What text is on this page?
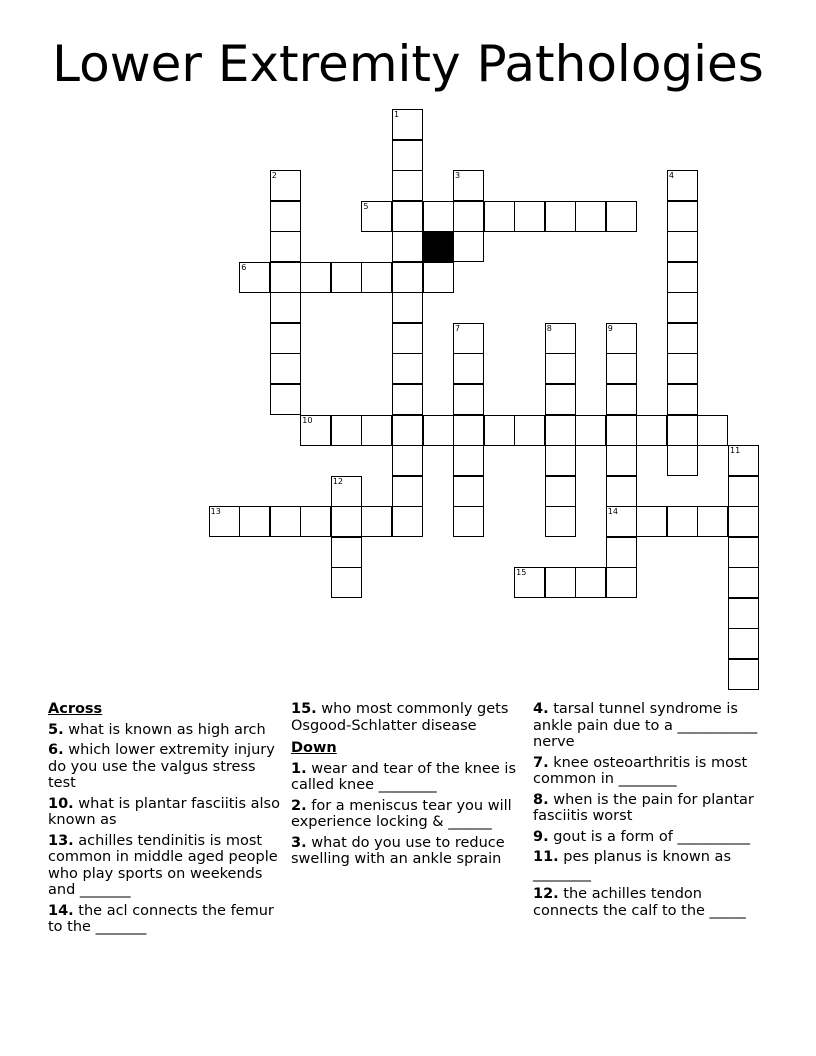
Lower Extremity Pathologies
1
2	3	4
5
6
7	8	9
14
10
11
12
13
15
Across
5. what is known as high arch
6. which lower extremity injury do you use the valgus stress test
10. what is plantar fasciitis also known as
13. achilles tendinitis is most common in middle aged people who play sports on weekends and _______
14. the acl connects the femur to the _______
15. who most commonly gets Osgood-Schlatter disease
Down
1. wear and tear of the knee is called knee ________
2. for a meniscus tear you will experience locking & ______
3. what do you use to reduce swelling with an ankle sprain
4. tarsal tunnel syndrome is ankle pain due to a ___________ nerve
7. knee osteoarthritis is most common in ________
8. when is the pain for plantar fasciitis worst
9. gout is a form of __________
11. pes planus is known as ________
12. the achilles tendon connects the calf to the _____
